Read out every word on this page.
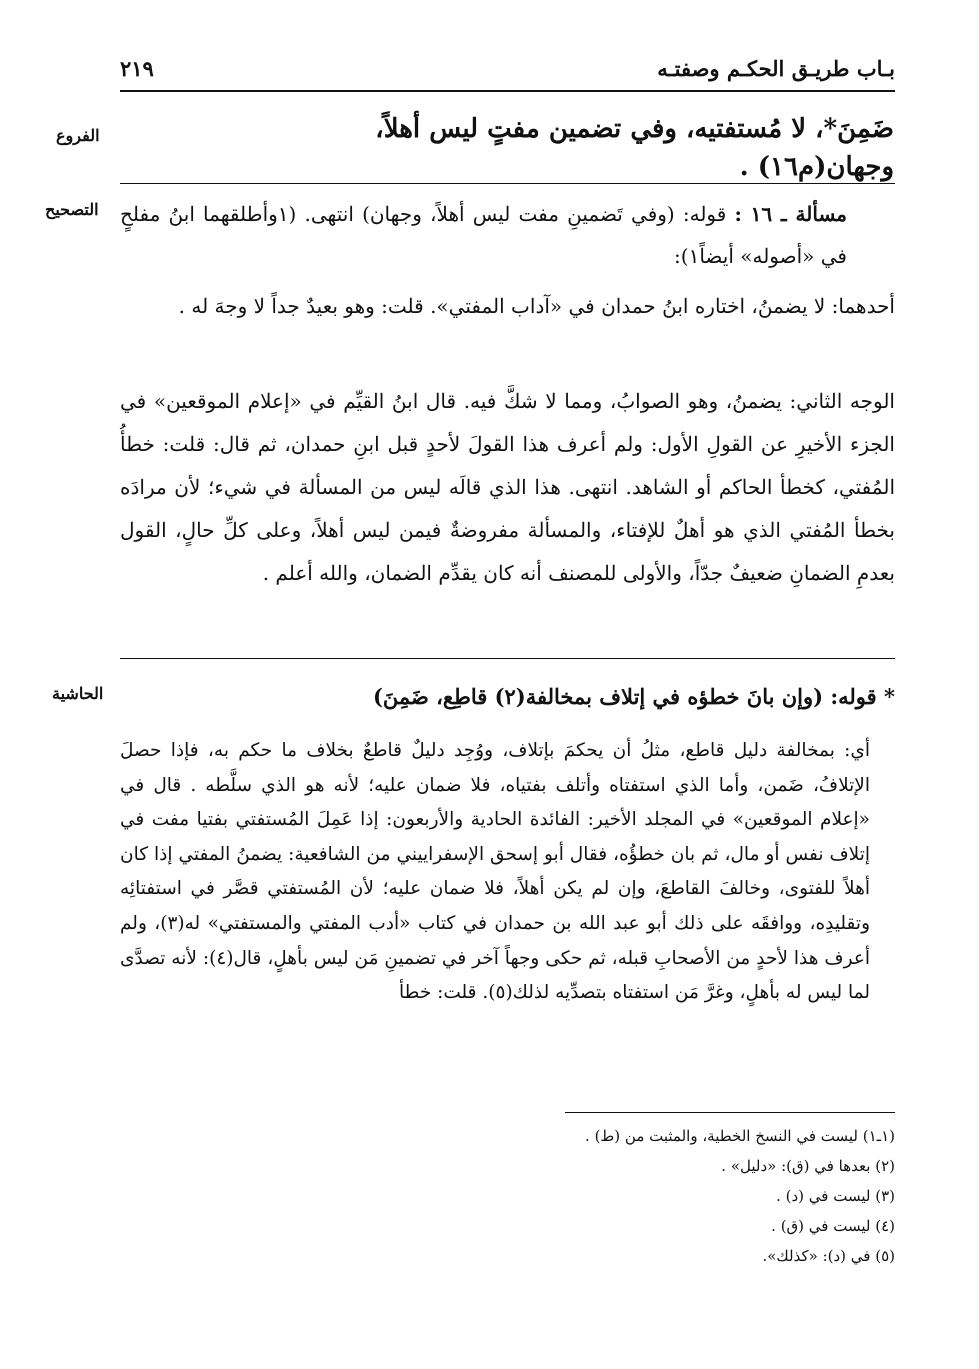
بـاب طريـق الحكـم وصفتـه
٢١٩
الفروع	ضَمِنَ*، لا مُستفتيه، وفي تضمين مفتٍ ليس أهلاً، وجهان(م١٦) .
التصحيح	مسألة ـ ١٦ : قوله: (وفي تَضمينِ مفت ليس أهلاً، وجهان) انتهى. (١وأطلقهما ابنُ مفلحٍ في «أصوله» أيضاً١):
أحدهما: لا يضمنُ، اختاره ابنُ حمدان في «آداب المفتي». قلت: وهو بعيدٌ جداً لا وجهَ له .
الوجه الثاني: يضمنُ، وهو الصوابُ، ومما لا شكَّ فيه. قال ابنُ القيِّم في «إعلام الموقعين» في الجزء الأخيرِ عن القولِ الأول: ولم أعرف هذا القولَ لأحدٍ قبل ابنِ حمدان، ثم قال: قلت: خطأُ المُفتي، كخطأ الحاكم أو الشاهد. انتهى. هذا الذي قالَه ليس من المسألة في شيء؛ لأن مرادَه بخطأ المُفتي الذي هو أهلٌ للإفتاء، والمسألة مفروضةٌ فيمن ليس أهلاً، وعلى كلِّ حالٍ، القول بعدمِ الضمانِ ضعيفٌ جدّاً، والأولى للمصنف أنه كان يقدِّم الضمان، والله أعلم .
الحاشية	* قوله: (وإن بانَ خطؤه في إتلاف بمخالفة(٢) قاطِع، ضَمِنَ)
أي: بمخالفة دليل قاطع، مثلُ أن يحكمَ بإتلاف، ووُجِد دليلٌ قاطعٌ بخلاف ما حكم به، فإذا حصلَ الإتلافُ، ضَمن، وأما الذي استفتاه وأتلف بفتياه، فلا ضمان عليه؛ لأنه هو الذي سلَّطه . قال في «إعلام الموقعين» في المجلد الأخير: الفائدة الحادية والأربعون: إذا عَمِلَ المُستفتي بفتيا مفت في إتلاف نفس أو مال، ثم بان خطؤُه، فقال أبو إسحق الإسفراييني من الشافعية: يضمنُ المفتي إذا كان أهلاً للفتوى، وخالفَ القاطعَ، وإن لم يكن أهلاً، فلا ضمان عليه؛ لأن المُستفتي قصَّر في استفتائِه وتقليدِه، ووافقَه على ذلك أبو عبد الله بن حمدان في كتاب «أدب المفتي والمستفتي» له(٣)، ولم أعرف هذا لأحدٍ من الأصحابِ قبله، ثم حكى وجهاً آخر في تضمينِ مَن ليس بأهلٍ، قال(٤): لأنه تصدَّى لما ليس له بأهلٍ، وغرَّ مَن استفتاه بتصدِّيه لذلك(٥). قلت: خطأ
(١ـ١) ليست في النسخ الخطية، والمثبت من (ط) .
(٢) بعدها في (ق): «دليل» .
(٣) ليست في (د) .
(٤) ليست في (ق) .
(٥) في (د): «كذلك».
